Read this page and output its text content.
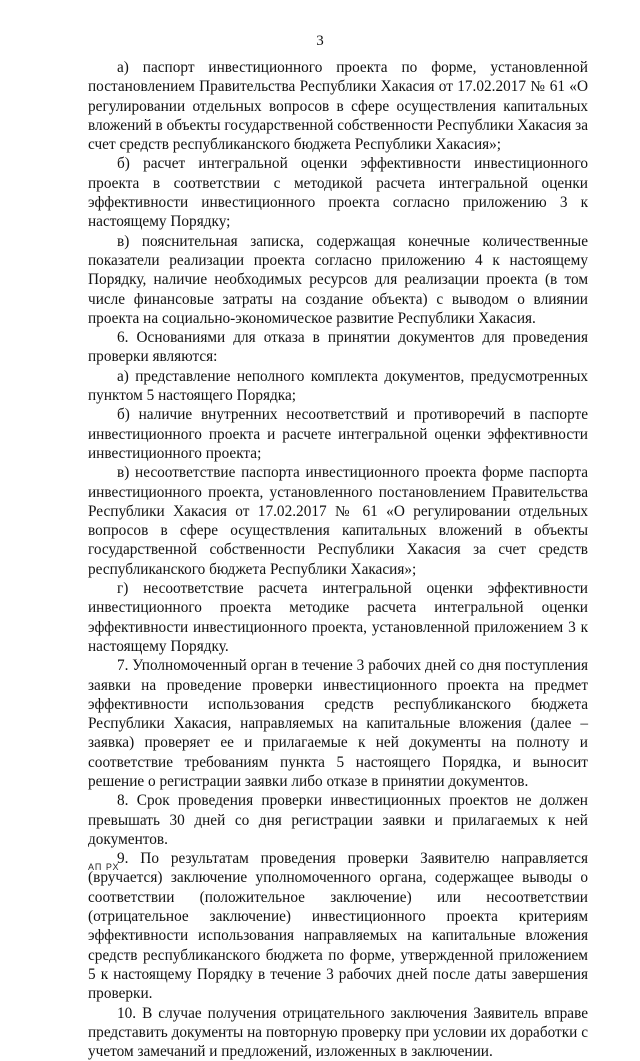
3

а) паспорт инвестиционного проекта по форме, установленной постановлением Правительства Республики Хакасия от 17.02.2017 № 61 «О регулировании отдельных вопросов в сфере осуществления капитальных вложений в объекты государственной собственности Республики Хакасия за счет средств республиканского бюджета Республики Хакасия»;

б) расчет интегральной оценки эффективности инвестиционного проекта в соответствии с методикой расчета интегральной оценки эффективности инвестиционного проекта согласно приложению 3 к настоящему Порядку;

в) пояснительная записка, содержащая конечные количественные показатели реализации проекта согласно приложению 4 к настоящему Порядку, наличие необходимых ресурсов для реализации проекта (в том числе финансовые затраты на создание объекта) с выводом о влиянии проекта на социально-экономическое развитие Республики Хакасия.

6. Основаниями для отказа в принятии документов для проведения проверки являются:

а) представление неполного комплекта документов, предусмотренных пунктом 5 настоящего Порядка;

б) наличие внутренних несоответствий и противоречий в паспорте инвестиционного проекта и расчете интегральной оценки эффективности инвестиционного проекта;

в) несоответствие паспорта инвестиционного проекта форме паспорта инвестиционного проекта, установленного постановлением Правительства Республики Хакасия от 17.02.2017 № 61 «О регулировании отдельных вопросов в сфере осуществления капитальных вложений в объекты государственной собственности Республики Хакасия за счет средств республиканского бюджета Республики Хакасия»;

г) несоответствие расчета интегральной оценки эффективности инвестиционного проекта методике расчета интегральной оценки эффективности инвестиционного проекта, установленной приложением 3 к настоящему Порядку.

7. Уполномоченный орган в течение 3 рабочих дней со дня поступления заявки на проведение проверки инвестиционного проекта на предмет эффективности использования средств республиканского бюджета Республики Хакасия, направляемых на капитальные вложения (далее – заявка) проверяет ее и прилагаемые к ней документы на полноту и соответствие требованиям пункта 5 настоящего Порядка, и выносит решение о регистрации заявки либо отказе в принятии документов.

8. Срок проведения проверки инвестиционных проектов не должен превышать 30 дней со дня регистрации заявки и прилагаемых к ней документов.

9. По результатам проведения проверки Заявителю направляется (вручается) заключение уполномоченного органа, содержащее выводы о соответствии (положительное заключение) или несоответствии (отрицательное заключение) инвестиционного проекта критериям эффективности использования направляемых на капитальные вложения средств республиканского бюджета по форме, утвержденной приложением 5 к настоящему Порядку в течение 3 рабочих дней после даты завершения проверки.

10. В случае получения отрицательного заключения Заявитель вправе представить документы на повторную проверку при условии их доработки с учетом замечаний и предложений, изложенных в заключении.

АП РХ
